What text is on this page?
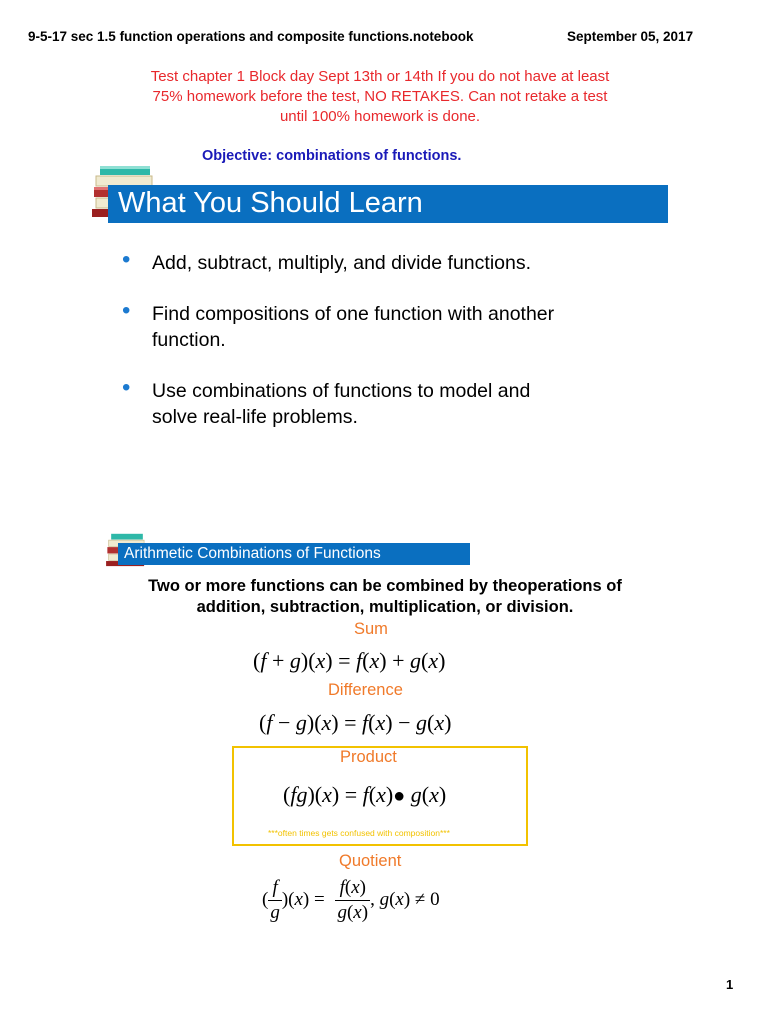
9-5-17 sec 1.5 function operations and composite functions.notebook	September 05, 2017
Test chapter 1 Block day Sept 13th or 14th If you do not have at least
75% homework before the test, NO RETAKES. Can not retake a test
until 100% homework is done.
Objective: combinations of functions.
What You Should Learn
• Add, subtract, multiply, and divide functions.
• Find compositions of one function with another
function.
• Use combinations of functions to model and
solve real-life problems.
Arithmetic Combinations of Functions
Two or more functions can be combined by theoperations of
addition, subtraction, multiplication, or division.
Sum
(f + g)(x) = f(x) + g(x)
Difference
(f − g)(x) = f(x) − g(x)
Product
(fg)(x) = f(x)● g(x)
***often times gets confused with composition***
Quotient
( $\frac{f}{g} )(x) = \frac{f(x)}{g(x)}$ , g(x) ≠ 0
1
